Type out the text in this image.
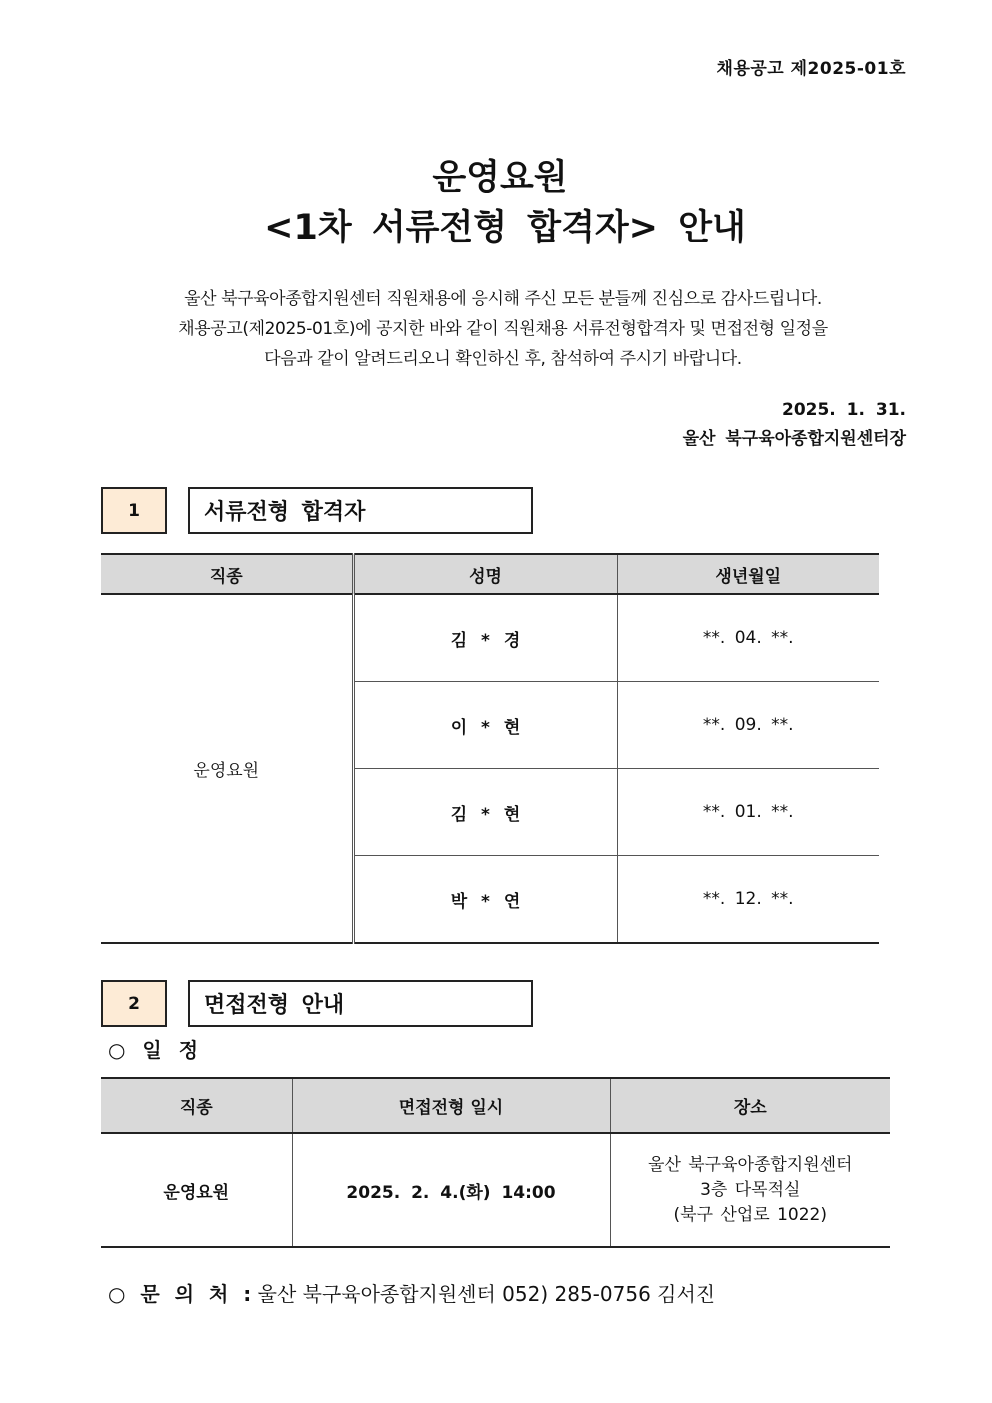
채용공고 제2025-01호
운영요원
<1차 서류전형 합격자> 안내
울산 북구육아종합지원센터 직원채용에 응시해 주신 모든 분들께 진심으로 감사드립니다.
채용공고(제2025-01호)에 공지한 바와 같이 직원채용 서류전형합격자 및 면접전형 일정을
다음과 같이 알려드리오니 확인하신 후, 참석하여 주시기 바랍니다.
2025. 1. 31.
울산 북구육아종합지원센터장
1	서류전형 합격자
직종	성명	생년월일
운영요원	김 * 경	**. 04. **.
	이 * 현	**. 09. **.
	김 * 현	**. 01. **.
	박 * 연	**. 12. **.
2	면접전형 안내
○ 일 정
직종	면접전형 일시	장소
운영요원	2025. 2. 4.(화) 14:00	울산 북구육아종합지원센터
3층 다목적실
(북구 산업로 1022)
○ 문 의 처 : 울산 북구육아종합지원센터 052) 285-0756 김서진
